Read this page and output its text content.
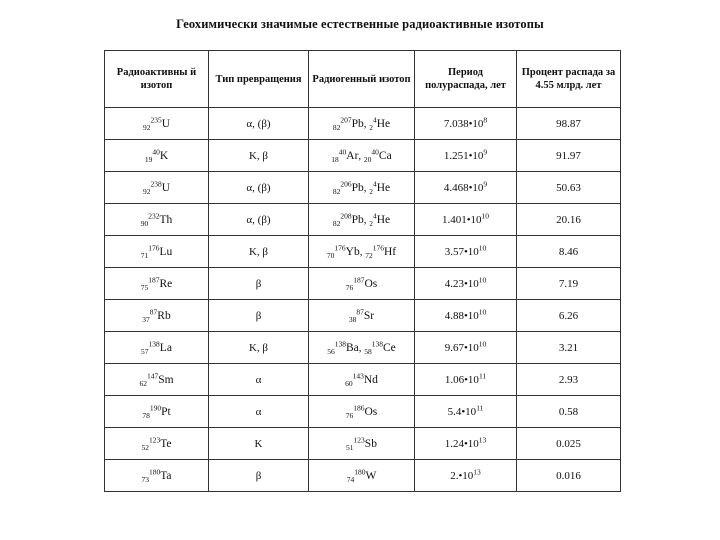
Геохимически значимые естественные радиоактивные изотопы
Радиоактивны й изотоп	Тип превращения	Радиогенный изотоп	Период полураспада, лет	Процент распада за 4.55 млрд. лет
$_{92}^{235}$U	α, (β)	$_{82}^{207}$Pb, $_2^4$He	$7.038•10^8$	98.87
$_{19}^{40}$K	K, β	$_{18}^{40}$Ar, $_{20}^{40}$Ca	$1.251•10^9$	91.97
$_{92}^{238}$U	α, (β)	$_{82}^{206}$Pb, $_2^4$He	$4.468•10^9$	50.63
$_{90}^{232}$Th	α, (β)	$_{82}^{208}$Pb, $_2^4$He	$1.401•10^{10}$	20.16
$_{71}^{176}$Lu	K, β	$_{70}^{176}$Yb, $_{72}^{176}$Hf	$3.57•10^{10}$	8.46
$_{75}^{187}$Re	β	$_{76}^{187}$Os	$4.23•10^{10}$	7.19
$_{37}^{87}$Rb	β	$_{38}^{87}$Sr	$4.88•10^{10}$	6.26
$_{57}^{138}$La	K, β	$_{56}^{138}$Ba, $_{58}^{138}$Ce	$9.67•10^{10}$	3.21
$_{62}^{147}$Sm	α	$_{60}^{143}$Nd	$1.06•10^{11}$	2.93
$_{78}^{190}$Pt	α	$_{76}^{186}$Os	$5.4•10^{11}$	0.58
$_{52}^{123}$Te	K	$_{51}^{123}$Sb	$1.24•10^{13}$	0.025
$_{73}^{180}$Ta	β	$_{74}^{180}$W	$2.•10^{13}$	0.016
